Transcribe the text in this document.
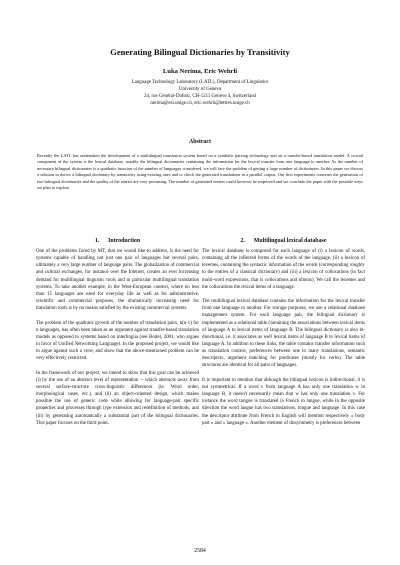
Generating Bilingual Dictionaries by Transitivity
Luka Nerima, Eric Wehrli
Language Technology Laboratory (LATL), Department of Linguistics
University of Geneva
24, rue Général-Dufour, CH-1211 Genève 4, Switzerland
nerima@esi.unige.ch, eric.wehrli@lettres.unige.ch
Abstract
Recently the LATL has undertaken the development of a multilingual translation system based on a symbolic parsing technology and on a transfer-based translation model. A crucial component of the system is the lexical database, notably the bilingual dictionaries containing the information for the lexical transfer from one language to another. As the number of necessary bilingual dictionaries is a quadratic function of the number of languages considered, we will face the problem of getting a large number of dictionaries. In this paper we discuss a solution to derive a bilingual dictionary by transitivity using existing ones and to check the generated translations in a parallel corpus. Our first experiments concerns the generation of two bilingual dictionaries and the quality of the entries are very promising. The number of generated entries could however be improved and we conclude the paper with the possible ways we plan to explore.
1.      Introduction

One of the problems faced by MT, that we would like to address, is the need for systems capable of handling not just one pair of languages but several pairs, ultimately a very large number of language pairs. The globalization of commercial and cultural exchanges, for instance over the Internet, creates an ever increasing demand for multilingual linguistic tools and in particular multilingual translation systems. To take another example, in the West-European context, where no less than 15 languages are used for everyday life as well as for administrative, scientific and commercial purposes, the dramatically increasing need for translation tools is by no means satisfied by the existing commercial systems.

The problem of the quadratic growth of the number of translation pairs, n(n-1) for n languages, has often been taken as an argument against transfer-based translation models as opposed to systems based on interlingua (see Boitet, 2001, who argues in favor of Unified Networking Language). In the proposed project, we would like to argue against such a view, and show that the above-mentioned problem can be very effectively restricted.

In the framework of our project, we intend to show that this goal can be achieved (i) by the use of an abstract level of representation -- which abstracts away from several surface-structure cross-linguistic differences (ie. Word order, morphological cases, etc.), and (ii) an object-oriented design, which makes possible the use of generic code while allowing for language-pair specific properties and processes through type extension and redefinition of methods, and (iii) by generating automatically a substantial part of the bilingual dictionaries. This paper focuses on the third point.

2.      Multilingual lexical database

The lexical database is composed for each language of (i) a lexicon of words, containing all the inflected forms of the words of the language, (ii) a lexicon of lexemes, containing the syntactic information of the words (corresponding roughly to the entries of a classical dictionary) and (iii) a lexicon of collocations (in fact multi-word expressions, that is collocations and idioms). We call the lexemes and the collocations the lexical items of a language.

The multilingual lexical database contains the information for the lexical transfer from one language to another. For storage purposes, we use a relational database management system. For each language pair, the bilingual dictionary is implemented as a relational table containing the associations between lexical items of language A to lexical items of language B. The bilingual dictionary is also bi-directional, i.e. it associates as well lexical items of language B to lexical items of language A. In addition to these links, the table contains transfer information such as translation context, preferences between one to many translations, semantic descriptors, argument matching for predicates (mostly for verbs). The table structures are identical for all pairs of languages.

It is important to mention that although the bilingual lexicon is bidirectional, it is not symmetrical. If a word v from language A has only one translation w in language B, it doesn't necessarily mean that w has only one translation v. For instance the word tongue is translated in French to langue, while in the opposite direction the word langue has two translations, tongue and language. In this case the descriptor attribute from French to English will mention respectively « body part » and « language ». Another element of dissymmetry is preferences between

2584
